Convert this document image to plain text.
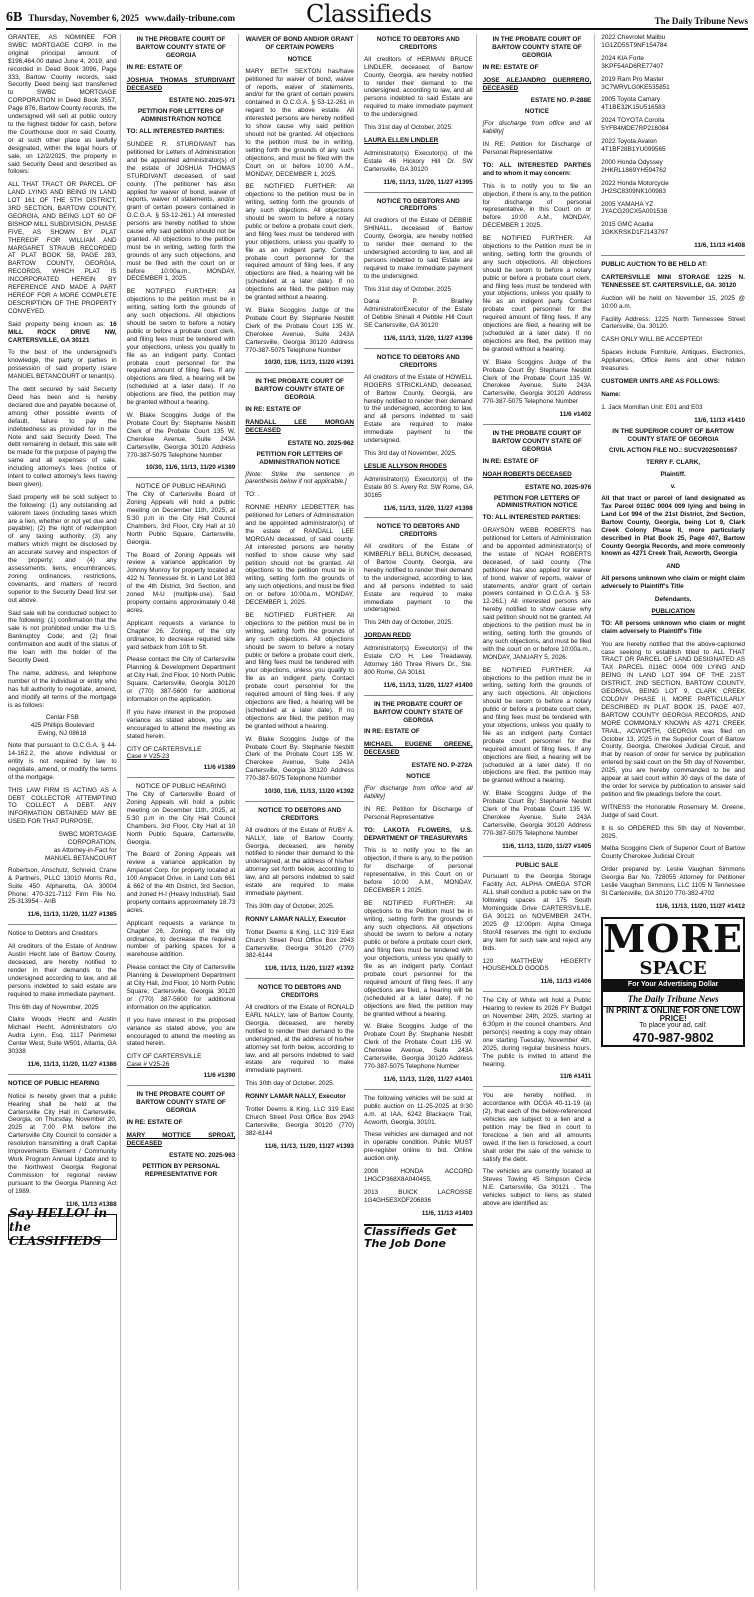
6B Thursday, November 6, 2025 www.daily-tribune.com	Classifieds	The Daily Tribune News

GRANTEE, AS NOMINEE FOR SWBC MORTGAGE CORP. in the original principal amount of $196,464.00 dated June 4, 2019, and recorded in Deed Book 3096, Page 333, Bartow County records, said Security Deed being last transferred to SWBC MORTGAGE CORPORATION in Deed Book 3557, Page 876, Bartow County records, the undersigned will sell at public outcry to the highest bidder for cash, before the Courthouse door in said County, or at such other place as lawfully designated, within the legal hours of sale, on 12/2/2025, the property in said Security Deed and described as follows:

ALL THAT TRACT OR PARCEL OF LAND LYING AND BEING IN LAND LOT 161 OF THE 5TH DISTRICT, 3RD SECTION, BARTOW COUNTY, GEORGIA, AND BEING LOT 60 OF BISHOP MILL SUBDIVISION, PHASE FIVE, AS SHOWN BY PLAT THEREOF FOR WILLIAM AND MARGARET STRAUB RECORDED AT PLAT BOOK 58, PAGE 283, BARTOW COUNTY, GEORGIA, RECORDS, WHICH PLAT IS INCORPORATED HEREIN BY REFERENCE AND MADE A PART HEREOF FOR A MORE COMPLETE DESCRIPTION OF THE PROPERTY CONVEYED.

Said property being known as: 16 MILL ROCK DRIVE NW, CARTERSVILLE, GA 30121

To the best of the undersigned's knowledge, the party or parties in possession of said property is/are MANUEL BETANCOURT or tenant(s).

The debt secured by said Security Deed has been and is hereby declared due and payable because of, among other possible events of default, failure to pay the indebtedness as provided for in the Note and said Security Deed. The debt remaining in default, this sale will be made for the purpose of paying the same and all expenses of sale, including attorney's fees (notice of intent to collect attorney's fees having been given).

Said property will be sold subject to the following: (1) any outstanding ad valorem taxes (including taxes which are a lien, whether or not yet due and payable); (2) the right of redemption of any taxing authority; (3) any matters which might be disclosed by an accurate survey and inspection of the property; and (4) any assessments, liens, encumbrances, zoning ordinances, restrictions, covenants, and matters of record superior to the Security Deed first set out above.

Said sale will be conducted subject to the following: (1) confirmation that the sale is not prohibited under the U.S. Bankruptcy Code; and (2) final confirmation and audit of the status of the loan with the holder of the Security Deed.

The name, address, and telephone number of the individual or entity who has full authority to negotiate, amend, and modify all terms of the mortgage is as follows:

Cenlar FSB
425 Phillips Boulevard
Ewing, NJ 08618

Note that pursuant to O.C.G.A. § 44-14-162.2, the above individual or entity is not required by law to negotiate, amend, or modify the terms of the mortgage.

THIS LAW FIRM IS ACTING AS A DEBT COLLECTOR ATTEMPTING TO COLLECT A DEBT. ANY INFORMATION OBTAINED MAY BE USED FOR THAT PURPOSE.

SWBC MORTGAGE CORPORATION,
as Attorney-in-Fact for
MANUEL BETANCOURT

Robertson, Anschutz, Schneid, Crane & Partners, PLLC 13010 Morris Rd., Suite 450 Alpharetta, GA 30004 Phone: 470-321-7112 Firm File No. 25-313954 - AnB

11/6, 11/13, 11/20, 11/27 #1385

Notice to Debtors and Creditors

All creditors of the Estate of Andrew Austin Hecht late of Bartow County, deceased, are hereby notified to render in their demands to the undersigned according to law, and all persons indebted to said estate are required to make immediate payment.

This 6th day of November, 2025

Claire Woods Hecht and Austin Michael Hecht, Administrators c/o Audra Lynn, Esq. 1117 Perimeter Center West, Suite W501, Atlanta, GA 30338

11/6, 11/13, 11/20, 11/27 #1386

NOTICE OF PUBLIC HEARING

Notice is hereby given that a public Hearing shall be held at the Cartersville City Hall in Cartersville, Georgia, on Thursday, November 20, 2025 at 7:00 P.M. before the Cartersville City Council to consider a resolution transmitting a draft Capital Improvements Element / Community Work Program Annual Update and to the Northwest Georgia Regional Commission for regional review pursuant to the Georgia Planning Act of 1989.

11/6, 11/13 #1388
Say HELLO! in the CLASSIFIEDS
IN THE PROBATE COURT OF BARTOW COUNTY STATE OF GEORGIA

IN RE: ESTATE OF

JOSHUA THOMAS STURDIVANT DECEASED

ESTATE NO. 2025-971
PETITION FOR LETTERS OF ADMINISTRATION NOTICE

TO: ALL INTERESTED PARTIES:

SUNDEE R. STURDIVANT has petitioned for Letters of Administration and be appointed administrator(s) of the estate of JOSHUA THOMAS STURDIVANT deceased, of said county. (The petitioner has also applied for waiver of bond, waiver of reports, waiver of statements, and/or grant of certain powers contained in O.C.G.A. § 53-12-261.) All interested persons are hereby notified to show cause why said petition should not be granted. All objections to the petition must be in writing, setting forth the grounds of any such objections, and must be filed with the court on or before 10:00a.m., MONDAY, DECEMBER 1, 2025.

BE NOTIFIED FURTHER: All objections to the petition must be in writing, setting forth the grounds of any such objections. All objections should be sworn to before a notary public or before a probate court clerk, and filing fees must be tendered with your objections, unless you qualify to file as an indigent party. Contact probate court personnel for the required amount of filing fees. If any objections are filed, a hearing will be (scheduled at a later date). If no objections are filed, the petition may be granted without a hearing.

W. Blake Scoggins Judge of the Probate Court By: Stephanie Nesbitt Clerk of the Probate Court 135 W. Cherokee Avenue, Suite 243A Cartersville, Georgia 30120 Address 770-387-5075 Telephone Number

10/30, 11/6, 11/13, 11/20 #1389
NOTICE OF PUBLIC HEARING

The City of Cartersville Board of Zoning Appeals will hold a public meeting on December 11th, 2025, at 5:30 p.m in the City Hall Council Chambers, 3rd Floor, City Hall at 10 North Public Square, Cartersville, Georgia.

The Board of Zoning Appeals will review a variance application by Johnny Munroy for property located at 422 N. Tennessee St. in Land Lot 383 of the 4th District, 3rd Section, and zoned M-U (multiple-use). Said property contains approximately 0.48 acres.

Applicant requests a variance to Chapter 26, Zoning, of the city ordinance, to decrease required side yard setback from 10ft to 5ft.

Please contact the City of Cartersville Planning & Development Department at City Hall, 2nd Floor, 10 North Public Square, Cartersville, Georgia 30120 or (770) 387-5600 for additional information on the application.

If you have interest in the proposed variance as stated above, you are encouraged to attend the meeting as stated herein.

CITY OF CARTERSVILLE
Case # V25-23
11/6 #1389
NOTICE OF PUBLIC HEARING

The City of Cartersville Board of Zoning Appeals will hold a public meeting on December 11th, 2025, at 5:30 p.m in the City Hall Council Chambers, 3rd Floor, City Hall at 10 North Public Square, Cartersville, Georgia.

The Board of Zoning Appeals will review a variance application by Ampacet Corp. for property located at 100 Ampacet Drive. in Land Lots 661 & 662 of the 4th District, 3rd Section, and zoned H-I (Heavy Industrial). Said property contains approximately 18.73 acres.

Applicant requests a variance to Chapter 26, Zoning, of the city ordinance, to decrease the required number of parking spaces for a warehouse addition.

Please contact the City of Cartersville Planning & Development Department at City Hall, 2nd Floor, 10 North Public Square, Cartersville, Georgia 30120 or (770) 387-5600 for additional information on the application.

If you have interest in the proposed variance as stated above, you are encouraged to attend the meeting as stated herein.

CITY OF CARTERSVILLE
Case # V25-26
11/6 #1390
IN THE PROBATE COURT OF BARTOW COUNTY STATE OF GEORGIA

IN RE: ESTATE OF

MARY MOTTICE SPROAT, DECEASED

ESTATE NO. 2025-963
PETITION BY PERSONAL REPRESENTATIVE FOR
WAIVER OF BOND AND/OR GRANT OF CERTAIN POWERS
NOTICE

MARY BETH SEXTON has/have petitioned for waiver of bond, waiver of reports, waiver of statements, and/or for the grant of certain powers contained in O.C.G.A. § 53-12-261 in regard to the above estate. All interested persons are hereby notified to show cause why said petition should not be granted. All objections to the petition must be in writing, setting forth the grounds of any such objections, and must be filed with the Court on or before 10:00 A.M., MONDAY, DECEMBER 1, 2025.

BE NOTIFIED FURTHER: All objections to the petition must be in writing, setting forth the grounds of any such objections. All objections should be sworn to before a notary public or before a probate court clerk, and filing fees must be tendered with your objections, unless you qualify to file as an indigent party. Contact probate court personnel for the required amount of filing fees. If any objections are filed, a hearing will be (scheduled at a later date). If no objections are filed, the petition may be granted without a hearing.

W. Blake Scoggins Judge of the Probate Court By: Stephanie Nesbitt Clerk of the Probate Court 135 W. Cherokee Avenue, Suite 243A Cartersville, Georgia 30120 Address 770-387-5075 Telephone Number

10/30, 11/6, 11/13, 11/20 #1391
IN THE PROBATE COURT OF BARTOW COUNTY STATE OF GEORGIA

IN RE: ESTATE OF

RANDALL LEE MORGAN DECEASED

ESTATE NO. 2025-962
PETITION FOR LETTERS OF ADMINISTRATION NOTICE

[Note: Strike the sentence in parenthesis below if not applicable.]

TO: .

RONNIE HENRY LEDBETTER has petitioned for Letters of Administration and be appointed administrator(s) of the estate of RANDALL LEE MORGAN deceased, of said county. All interested persons are hereby notified to show cause why said petition should not be granted. All objections to the petition must be in writing, setting forth the grounds of any such objections, and must be filed on or before 10:00a.m., MONDAY, DECEMBER 1, 2025.

BE NOTIFIED FURTHER: All objections to the petition must be in writing, setting forth the grounds of any such objections. All objections should be sworn to before a notary public or before a probate court clerk, and filing fees must be tendered with your objections, unless you qualify to file as an indigent party. Contact probate court personnel for the required amount of filing fees. If any objections are filed, a hearing will be (scheduled at a later date). If no objections are filed, the petition may be granted without a hearing.

W. Blake Scoggins Judge of the Probate Court By: Stephanie Nesbitt Clerk of the Probate Court 135 W. Cherokee Avenue, Suite 243A Cartersville, Georgia 30120 Address 770-387-5075 Telephone Number

10/30, 11/6, 11/13, 11/20 #1392
NOTICE TO DEBTORS AND CREDITORS

All creditors of the Estate of RUBY A. NALLY, late of Bartow County, Georgia, deceased, are hereby notified to render their demand to the undersigned, at the address of his/her attorney set forth below, according to law, and all persons indebted to said estate are required to make immediate payment.

This 30th day of October, 2025.

RONNY LAMAR NALLY, Executor

Trotter Deems & King, LLC 319 East Church Street Post Office Box 2943 Cartersville, Georgia 30120 (770) 382-6144

11/6, 11/13, 11/20, 11/27 #1392
NOTICE TO DEBTORS AND CREDITORS

All creditors of the Estate of RONALD EARL NALLY, late of Bartow County, Georgia, deceased, are hereby notified to render their demand to the undersigned, at the address of his/her attorney set forth below, according to law, and all persons indebted to said estate are required to make immediate payment.

This 30th day of October, 2025.

RONNY LAMAR NALLY, Executor

Trotter Deems & King, LLC 319 East Church Street Post Office Box 2943 Cartersville, Georgia 30120 (770) 382-6144

11/6, 11/13, 11/20, 11/27 #1393
NOTICE TO DEBTORS AND CREDITORS

All creditors of HERMAN BRUCE LINDLER, deceased, of Bartow County, Georgia, are hereby notified to render their demand to the undersigned, according to law, and all persons indebted to said Estate are required to make immediate payment to the undersigned.

This 31st day of October, 2025.

LAURA ELLEN LINDLER

Administrator(s) Executor(s) of the Estate 46 Hickory Hill Dr. SW Cartersville, GA 30120

11/6, 11/13, 11/20, 11/27 #1395
NOTICE TO DEBTORS AND CREDITORS

All creditors of the Estate of DEBBIE SHINALL, deceased of Bartow County, Georgia, are hereby notified to render their demand to the undersigned according to law, and all persons indebted to said Estate are required to make immediate payment to the undersigned.

This 31st day of October, 2025

Dana P. Bradley Administrator/Executor of the Estate of Debbie Shinall 4 Pebble Hill Court SE Cartersville, GA 30120

11/6, 11/13, 11/20, 11/27 #1396
NOTICE TO DEBTORS AND CREDITORS

All creditors of the Estate of HOWELL ROGERS STRICKLAND, deceased, of Bartow County, Georgia, are hereby notified to render their demand to the undersigned, according to law, and all persons indebted to said Estate are required to make immediate payment to the undersigned.

This 3rd day of November, 2025.

LESLIE ALLYSON RHODES

Administrator(s) Executor(s) of the Estate 80 S. Avery Rd. SW Rome, GA 30165

11/6, 11/13, 11/20, 11/27 #1398
NOTICE TO DEBTORS AND CREDITORS

All creditors of the Estate of KIMBERLY BELL BUNCH, deceased, of Bartow County, Georgia, are hereby notified to render their demand to the undersigned, according to law, and all persons indebted to said Estate are required to make immediate payment to the undersigned.

This 24th day of October, 2025.

JORDAN REDD

Administrator(s) Executor(s) of the Estate C/O H. Lee Treadaway, Attorney 160 Three Rivers Dr., Ste. 800 Rome, GA 30161

11/6, 11/13, 11/20, 11/27 #1400
IN THE PROBATE COURT OF BARTOW COUNTY STATE OF GEORGIA

IN RE: ESTATE OF

MICHAEL EUGENE GREENE, DECEASED

ESTATE NO. P-272A
NOTICE

[For discharge from office and all liability]

IN RE: Petition for Discharge of Personal Representative

TO: LAKOTA FLOWERS, U.S. DEPARTMENT OF TREASURY/IRS

This is to notify you to file an objection, if there is any, to the petition for discharge of personal representative, in this Court on or before 10:00 A.M., MONDAY, DECEMBER 1 2025.

BE NOTIFIED FURTHER: All objections to the Petition must be in writing, setting forth the grounds of any such objections. All objections should be sworn to before a notary public or before a probate court clerk, and filing fees must be tendered with your objections, unless you qualify to file as an indigent party. Contact probate court personnel for the required amount of filing fees. If any objections are filed, a hearing will be (scheduled at a later date). If no objections are filed, the petition may be granted without a hearing.

W. Blake Scoggins Judge of the Probate Court By: Stephanie Nesbitt Clerk of the Probate Court 135 W. Cherokee Avenue, Suite 243A Cartersville, Georgia 30120 Address 770-387-5075 Telephone Number

11/6, 11/13, 11/20, 11/27 #1401

The following vehicles will be sold at public auction on 11-25-2025 at 9:30 a.m. at IAA, 6242 Blackacre Trail, Acworth, Georgia, 30101.

These vehicles are damaged and not in operable condition. Public MUST pre-register online to bid. Online auction only.

2008 HONDA ACCORD 1HGCP368X8A040455,

2013 BUICK LACROSSE 1G4GH5E3XDF206836

11/6, 11/13 #1403
Classifieds Get The Job Done
IN THE PROBATE COURT OF BARTOW COUNTY STATE OF GEORGIA

IN RE: ESTATE OF

JOSE ALEJANDRO GUERRERO, DECEASED

ESTATE NO. P-288E
NOTICE

[For discharge from office and all liability]

IN RE: Petition for Discharge of Personal Representative

TO: ALL INTERESTED PARTIES and to whom it may concern:

This is to notify you to file an objection, if there is any, to the petition for discharge of personal representative, in this Court on or before 10:00 A.M., MONDAY, DECEMBER 1 2025.

BE NOTIFIED FURTHER: All objections to the Petition must be in writing, setting forth the grounds of any such objections. All objections should be sworn to before a notary public or before a probate court clerk, and filing fees must be tendered with your objections, unless you qualify to file as an indigent party. Contact probate court personnel for the required amount of filing fees. If any objections are filed, a hearing will be (scheduled at a later date). If no objections are filed, the petition may be granted without a hearing.

W. Blake Scoggins Judge of the Probate Court By: Stephanie Nesbitt Clerk of the Probate Court 135 W. Cherokee Avenue, Suite 243A Cartersville, Georgia 30120 Address 770-387-5075 Telephone Number

11/6 #1402
IN THE PROBATE COURT OF BARTOW COUNTY STATE OF GEORGIA

IN RE: ESTATE OF

NOAH ROBERTS DECEASED

ESTATE NO. 2025-976
PETITION FOR LETTERS OF ADMINISTRATION NOTICE

TO: ALL INTERESTED PARTIES:

GRAYSON WEBB ROBERTS has petitioned for Letters of Administration and be appointed administrator(s) of the estate of NOAH ROBERTS deceased, of said county. (The petitioner has also applied for waiver of bond, waiver of reports, waiver of statements, and/or grant of certain powers contained in O.C.G.A. § 53-12-261.) All interested persons are hereby notified to show cause why said petition should not be granted. All objections to the petition must be in writing, setting forth the grounds of any such objections, and must be filed with the court on or before 10:00a.m., MONDAY, JANUARY 5, 2026.

BE NOTIFIED FURTHER: All objections to the petition must be in writing, setting forth the grounds of any such objections. All objections should be sworn to before a notary public or before a probate court clerk, and filing fees must be tendered with your objections, unless you qualify to file as an indigent party. Contact probate court personnel for the required amount of filing fees. If any objections are filed, a hearing will be (scheduled at a later date). If no objections are filed, the petition may be granted without a hearing.

W. Blake Scoggins Judge of the Probate Court By: Stephanie Nesbitt Clerk of the Probate Court 135 W. Cherokee Avenue, Suite 243A Cartersville, Georgia 30120 Address 770-387-5075 Telephone Number

11/6, 11/13, 11/20, 11/27 #1405
PUBLIC SALE

Pursuant to the Georgia Storage Facility Act, ALPHA OMEGA STOR ALL shall conduct a public sale on the following spaces at 175 South Morningside Drive CARTERSVILLE, GA 30121 on NOVEMBER 24TH, 2025 @ 12:00pm. Alpha Omega StorAll reserves the right to exclude any item for such sale and reject any bids.

120 MATTHEW HEGERTY HOUSEHOLD GOODS

11/6, 11/13 #1406

The City of White will hold a Public Hearing to review its 2026 FY Budget on November 24th, 2025, starting at 6:30pm in the council chambers. And person(s) needing a copy may obtain one starting Tuesday, November 4th, 2025, during regular business hours. The public is invited to attend the hearing.

11/6 #1411

You are hereby notified, in accordance with OCGA 40-11-19 (a) (2), that each of the below-referenced vehicles are subject to a lien and a petition may be filed in court to foreclose a lien and all amounts owed. If the lien is foreclosed, a court shall order the sale of the vehicle to satisfy the debt.

The vehicles are currently located at Steves Towing 45 Simpson Circle N.E. Cartersville, Ga 30121 . The vehicles subject to liens as stated above are identified as:

2022 Chevrolet Malibu
1G1ZD5ST9NF154784

2024 KIA Forte
3KPF54AD6RE77407

2019 Ram Pro Master
3C7WRVLG0KE535851

2005 Toyota Camary
4T1BE32K15U516583

2024 TOYOTA Corolla
5YFB4MDE7RP216084

2022 Toyota Avalon
4T1BF28B1YU099565

2000 Honda Odyssey
2HKRL1869YH594762

2022 Honda Motorcycle
JH2SC8309NK100983

2005 YAMAHA YZ
JYACG20CX5A001538

2015 GMC Acadia
1GKKRSKD1FJ143797

11/6, 11/13 #1408

PUBLIC AUCTION TO BE HELD AT:

CARTERSVILLE MINI STORAGE 1225 N. TENNESSEE ST. CARTERSVILLE, GA. 30120

Auction will be held on November 15, 2025 @ 10:00 a.m.

Facility Address: 1225 North Tennessee Street Cartersville, Ga. 30120.

CASH ONLY WILL BE ACCEPTED!

Spaces include Furniture, Antiques, Electronics, Appliances, Office items and other hidden treasures.

CUSTOMER UNITS ARE AS FOLLOWS:

Name:

1. Jack Momillan Unit: E01 and E03

11/6, 11/13 #1410
IN THE SUPERIOR COURT OF BARTOW COUNTY STATE OF GEORGIA
CIVIL ACTION FILE NO.: SUCV2025001667
TERRY F. CLARK,
Plaintiff.
v.

All that tract or parcel of land designated as Tax Parcel 0116C 0004 009 lying and being in Land Lot 994 of the 21st District, 2nd Section, Bartow County, Georgia, being Lot 9, Clark Creek Colony Phase II, more particularly described in Plat Book 25, Page 407, Bartow County Georgia Records, and more commonly known as 4271 Creek Trail, Acworth, Georgia

AND

All persons unknown who claim or might claim adversely to Plaintiff's Title

Defendants.
PUBLICATION

TO: All persons unknown who claim or might claim adversely to Plaintiff's Title

You are hereby notified that the above-captioned case seeking to establish titled to ALL THAT TRACT OR PARCEL OF LAND DESIGNATED AS TAX PARCEL 0116C 0004 009 LYING AND BEING IN LAND LOT 994 OF THE 21ST DISTRICT, 2ND SECTION, BARTOW COUNTY, GEORGIA, BEING LOT 9, CLARK CREEK COLONY PHASE II, MORE PARTICULARLY DESCRIBED IN PLAT BOOK 25, PAGE 407, BARTOW COUNTY GEORGIA RECORDS, AND MORE COMMONLY KNOWN AS 4271 CREEK TRAIL, ACWORTH, GEORGIA was filed on October 13, 2025 in the Superior Court of Bartow County, Georgia, Cherokee Judicial Circuit, and that by reason of order for service by publication entered by said court on the 5th day of November, 2025, you are hereby commanded to be and appear at said court within 30 days of the date of the order for service by publication to answer said petition and file pleadings before the court.

WITNESS the Honorable Rosemary M. Greene, Judge of said Court.

It is so ORDERED this 5th day of November, 2025.

Melba Scoggins Clerk of Superior Court of Bartow County Cherokee Judicial Circuit

Order prepared by: Leslie Vaughan Simmons Georgia Bar No. 728055 Attorney for Petitioner Leslie Vaughan Simmons, LLC 1105 N Tennessee St Cartersville, GA 30120 770-382-4702

11/6, 11/13, 11/20, 11/27 #1412
MORE
SPACE
For Your Advertising Dollar
The Daily Tribune News
IN PRINT & ONLINE FOR ONE LOW PRICE!
To place your ad, call:
470-987-9802
